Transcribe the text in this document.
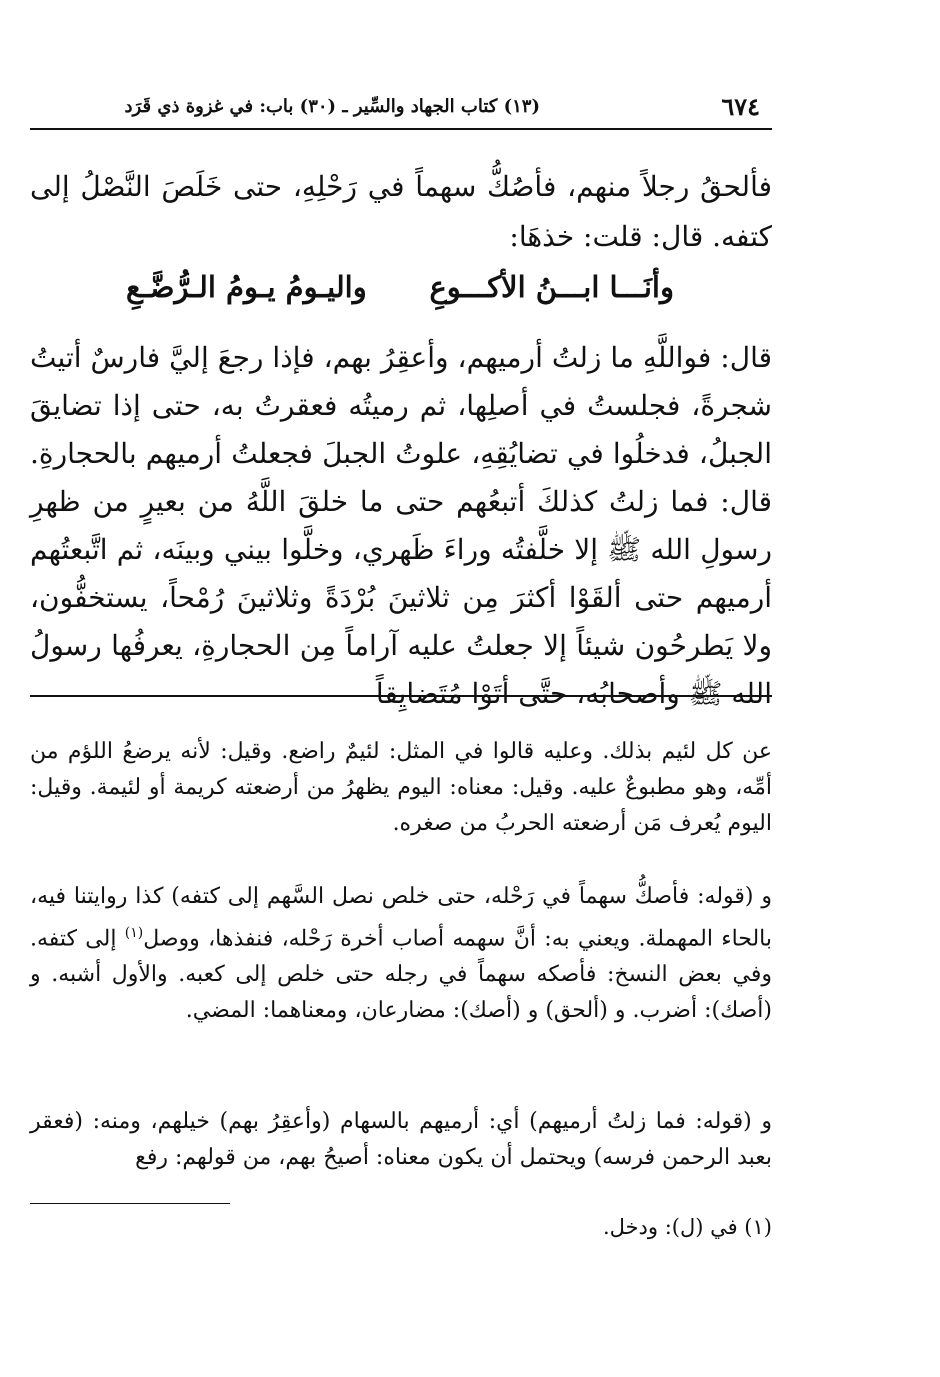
٦٧٤
(١٣) كتاب الجهاد والسِّير ـ (٣٠) باب: في غزوة ذي قَرَد
فألحقُ رجلاً منهم، فأصُكُّ سهماً في رَحْلِهِ، حتى خَلَصَ النَّصْلُ إلى كتفه. قال: قلت: خذهَا:
وأنَـــا ابـــنُ الأكـــوعِ
واليـومُ يـومُ الـرُّضَّـعِ
قال: فواللَّهِ ما زلتُ أرميهم، وأعقِرُ بهم، فإذا رجعَ إليَّ فارسٌ أتيتُ شجرةً، فجلستُ في أصلِها، ثم رميتُه فعقرتُ به، حتى إذا تضايقَ الجبلُ، فدخلُوا في تضايُقِهِ، علوتُ الجبلَ فجعلتُ أرميهم بالحجارةِ. قال: فما زلتُ كذلكَ أتبعُهم حتى ما خلقَ اللَّهُ من بعيرٍ من ظهرِ رسولِ الله ﷺ إلا خلَّفتُه وراءَ ظَهري، وخلَّوا بيني وبينَه، ثم اتَّبعتُهم أرميهم حتى ألقَوْا أكثرَ مِن ثلاثينَ بُرْدَةً وثلاثينَ رُمْحاً، يستخفُّون، ولا يَطرحُون شيئاً إلا جعلتُ عليه آراماً مِن الحجارةِ، يعرفُها رسولُ الله ﷺ وأصحابُه، حتَّى أتَوْا مُتَضايِقاً
عن كل لئيم بذلك. وعليه قالوا في المثل: لئيمٌ راضع. وقيل: لأنه يرضعُ اللؤم من أمِّه، وهو مطبوعٌ عليه. وقيل: معناه: اليوم يظهرُ من أرضعته كريمة أو لئيمة. وقيل: اليوم يُعرف مَن أرضعته الحربُ من صغره.
و (قوله: فأصكُّ سهماً في رَحْله، حتى خلص نصل السَّهم إلى كتفه) كذا روايتنا فيه، بالحاء المهملة. ويعني به: أنَّ سهمه أصاب أخرة رَحْله، فنفذها، ووصل$^{(١)}$ إلى كتفه. وفي بعض النسخ: فأصكه سهماً في رجله حتى خلص إلى كعبه. والأول أشبه. و (أصك): أضرب. و (ألحق) و (أصك): مضارعان، ومعناهما: المضي.
و (قوله: فما زلتُ أرميهم) أي: أرميهم بالسهام (وأعقِرُ بهم) خيلهم، ومنه: (فعقر بعبد الرحمن فرسه) ويحتمل أن يكون معناه: أصيحُ بهم، من قولهم: رفع
(١) في (ل): ودخل.
